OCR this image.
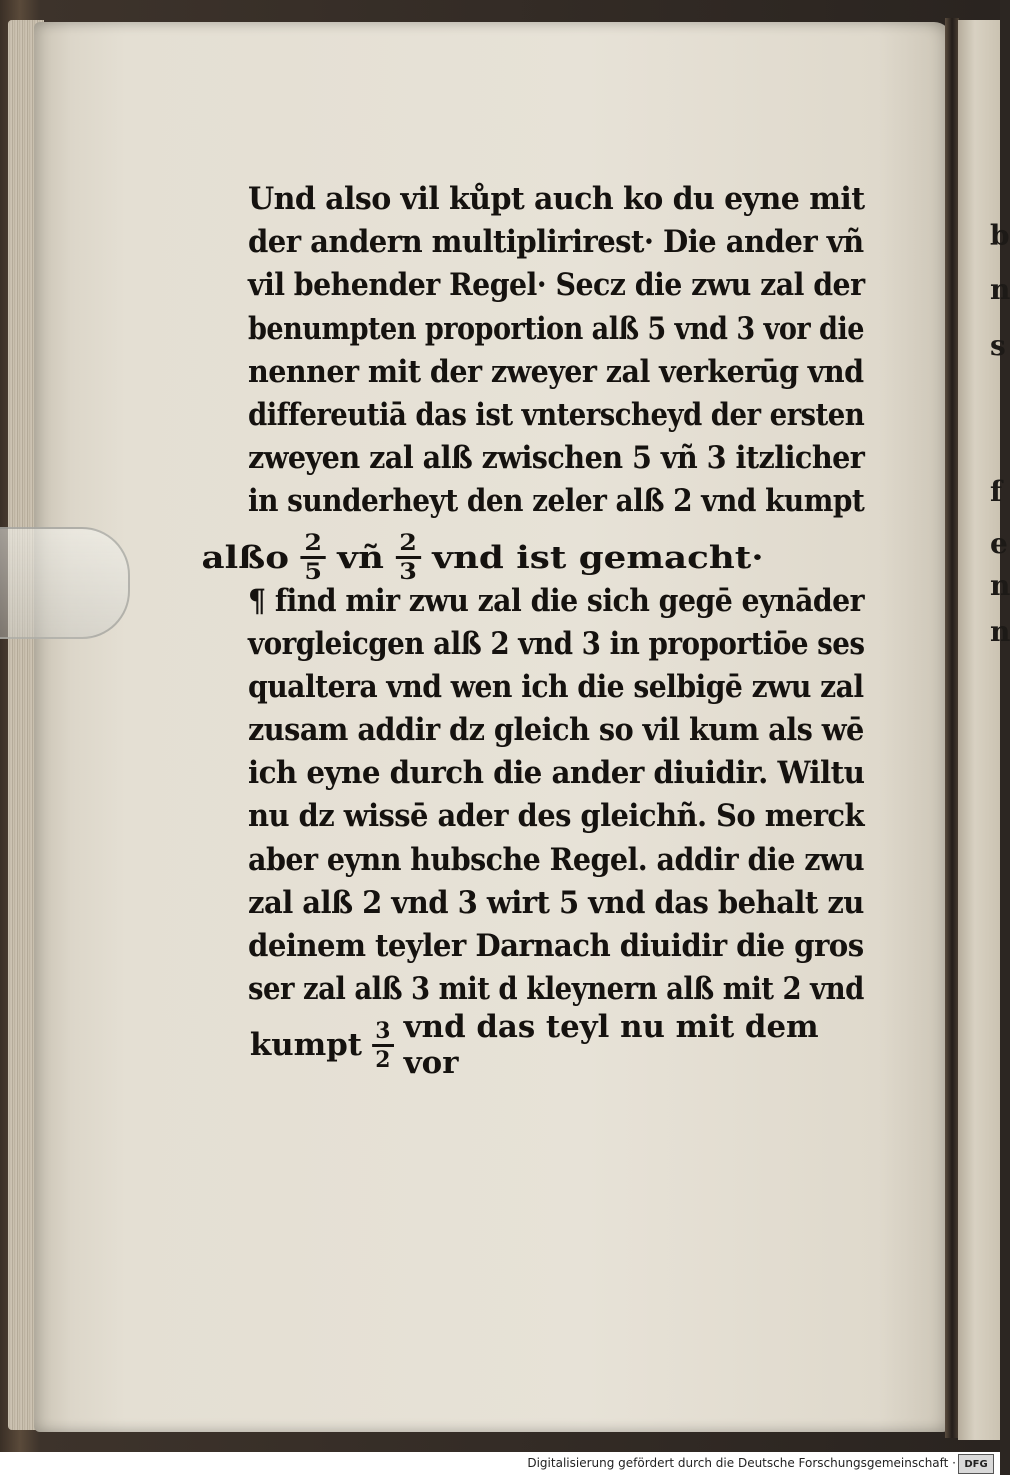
b
n
s
f
e
n
n
Und also vil kůpt auch ko du eyne mit
der andern multiplirirest· Die ander vñ
vil behender Regel· Secz die zwu zal der
benumpten proportion alß 5 vnd 3 vor die
nenner mit der zweyer zal verkerūg vnd
differeutiā das ist vnterscheyd der ersten
zweyen zal alß zwischen 5 vñ 3 itzlicher
in sunderheyt den zeler alß 2 vnd kumpt
alßo $\frac{2}{5}$ vñ $\frac{2}{3}$ vnd ist gemacht·
¶ find mir zwu zal die sich gegē eynāder
vorgleicgen alß 2 vnd 3 in proportiōe ses
qualtera vnd wen ich die selbigē zwu zal
zusam addir dz gleich so vil kum als wē
ich eyne durch die ander diuidir. Wiltu
nu dz wissē ader des gleichñ. So merck
aber eynn hubsche Regel. addir die zwu
zal alß 2 vnd 3 wirt 5 vnd das behalt zu
deinem teyler Darnach diuidir die gros
ser zal alß 3 mit d kleynern alß mit 2 vnd
kumpt $\frac{3}{2}$ vnd das teyl nu mit dem vor
Digitalisierung gefördert durch die Deutsche Forschungsgemeinschaft · DFG
